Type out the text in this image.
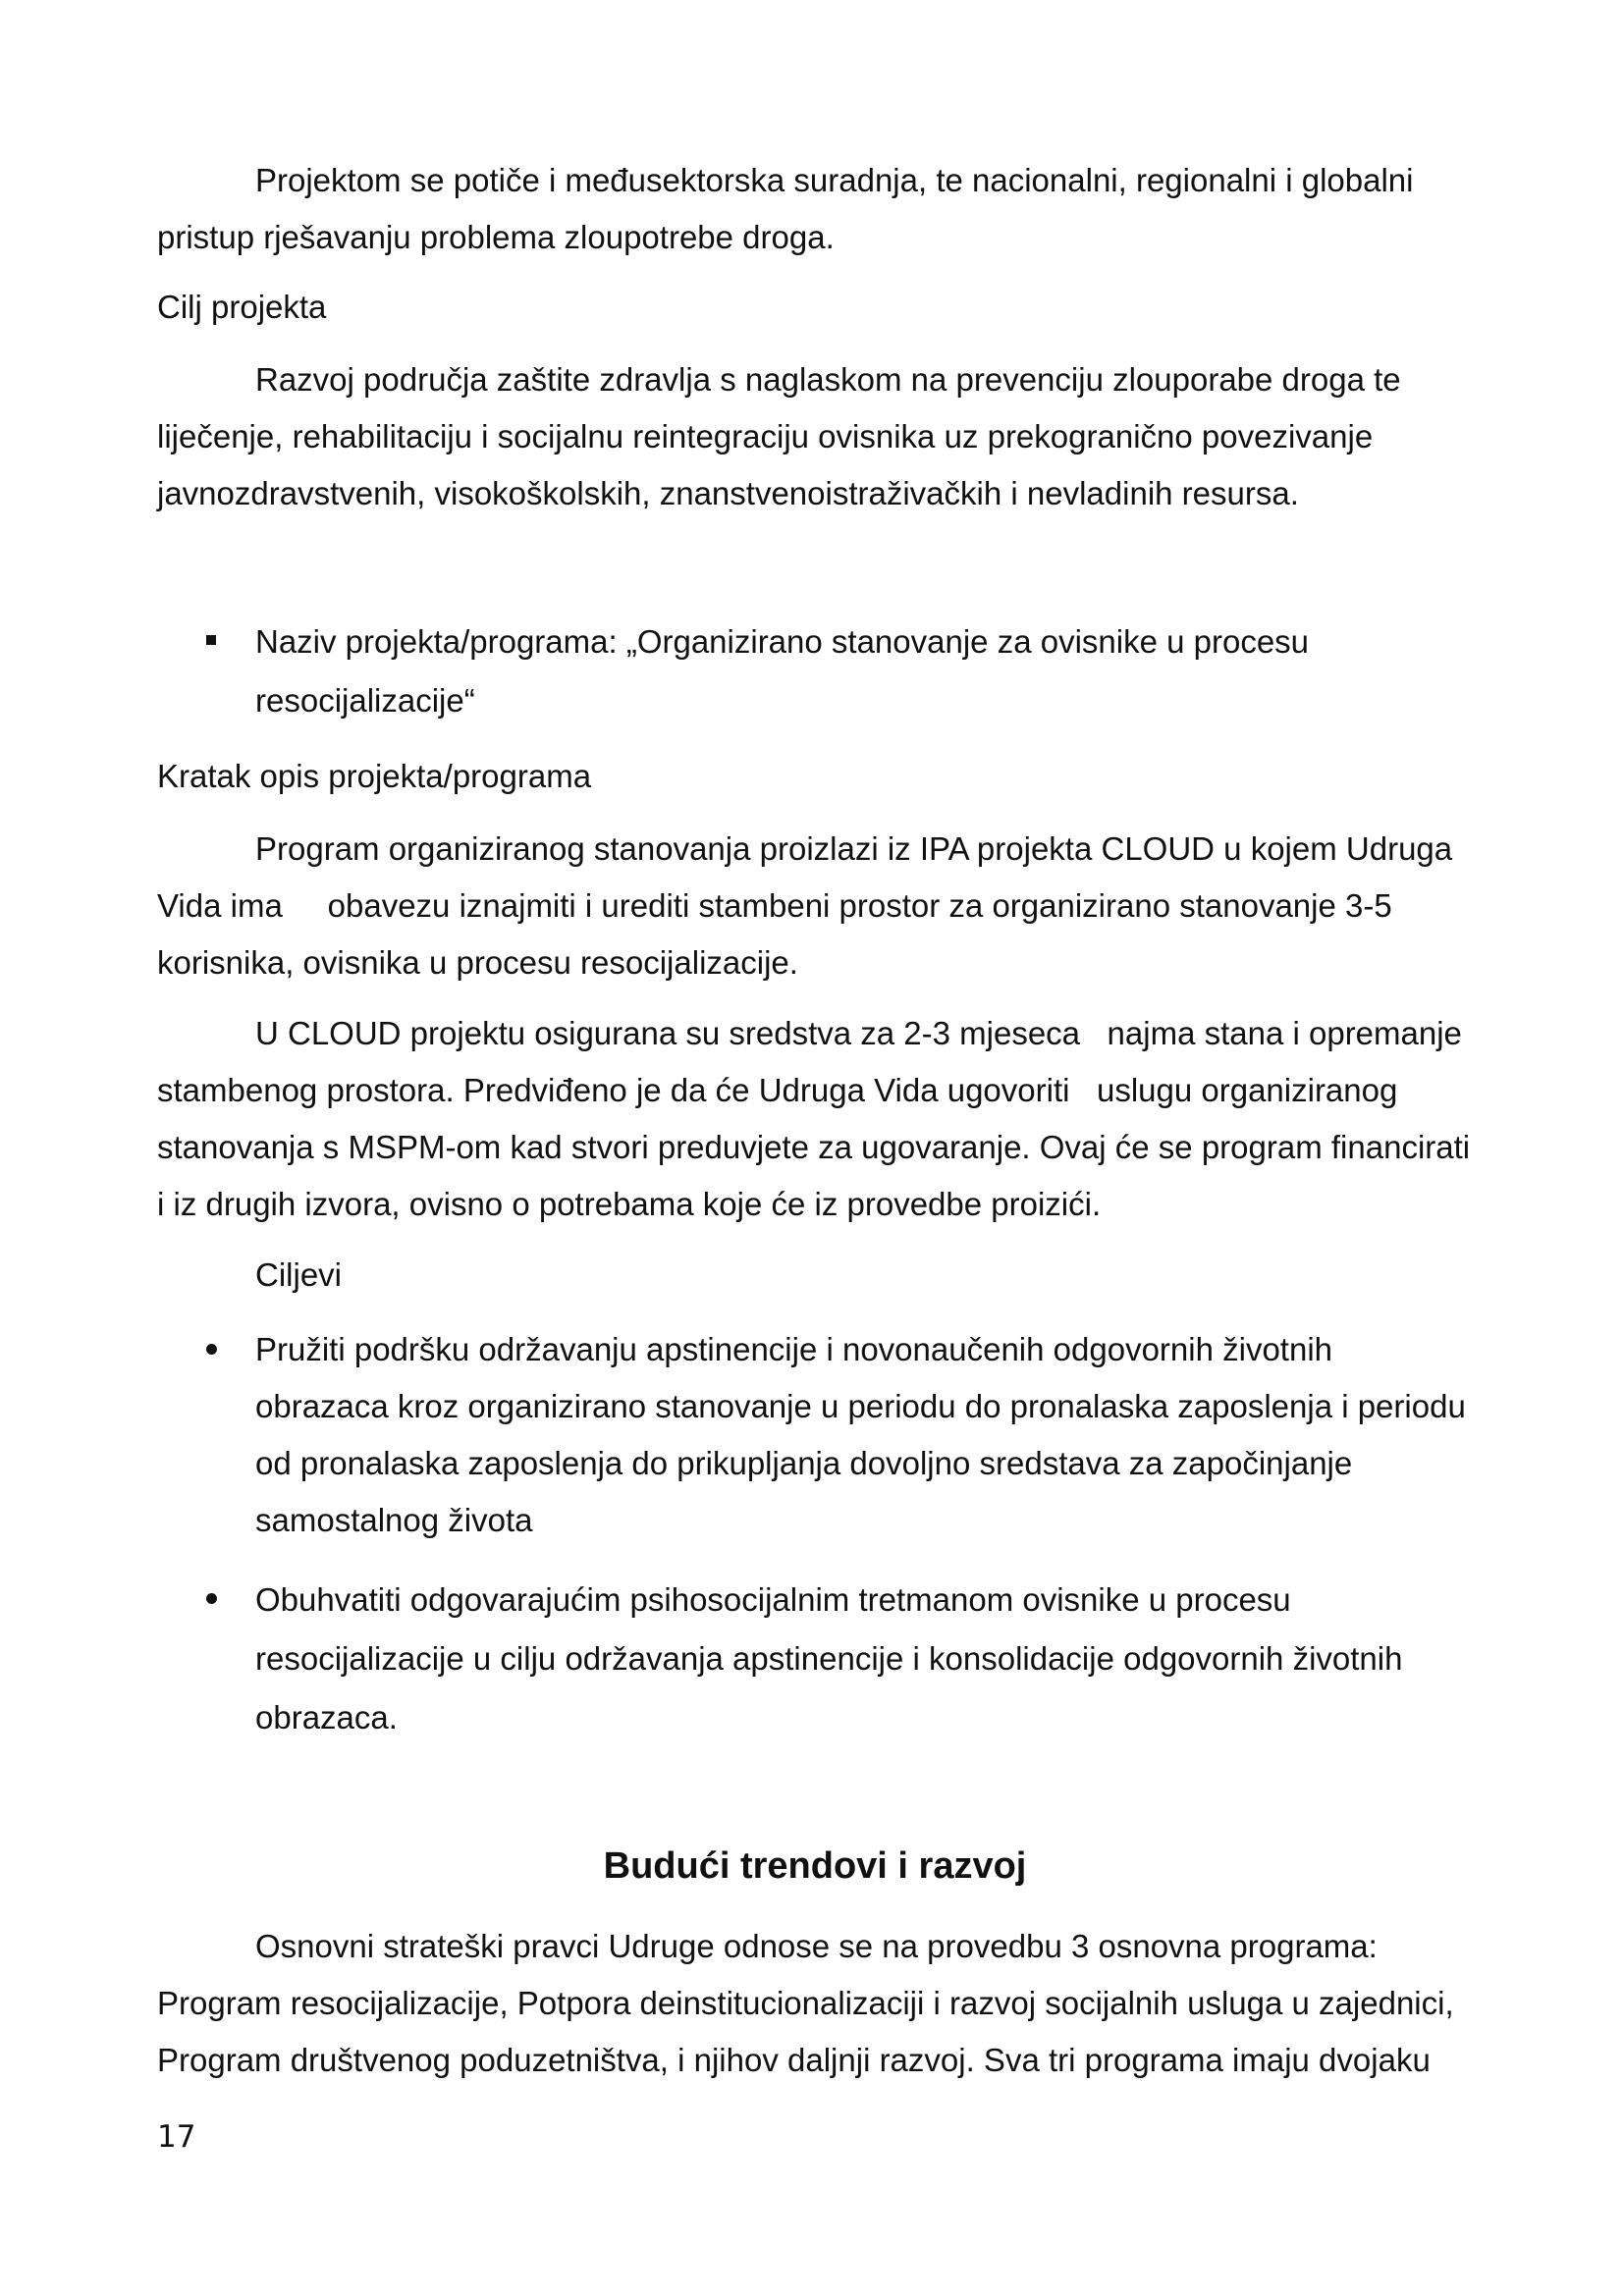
Projektom se potiče i međusektorska suradnja, te nacionalni, regionalni i globalni pristup rješavanju problema zloupotrebe droga.

Cilj projekta

Razvoj područja zaštite zdravlja s naglaskom na prevenciju zlouporabe droga te liječenje, rehabilitaciju i socijalnu reintegraciju ovisnika uz prekogranično povezivanje javnozdravstvenih, visokoškolskih, znanstvenoistraživačkih i nevladinih resursa.

Naziv projekta/programa: „Organizirano stanovanje za ovisnike u procesu resocijalizacije“

Kratak opis projekta/programa

Program organiziranog stanovanja proizlazi iz IPA projekta CLOUD u kojem Udruga Vida ima     obavezu iznajmiti i urediti stambeni prostor za organizirano stanovanje 3-5 korisnika, ovisnika u procesu resocijalizacije.

U CLOUD projektu osigurana su sredstva za 2-3 mjeseca   najma stana i opremanje stambenog prostora. Predviđeno je da će Udruga Vida ugovoriti   uslugu organiziranog stanovanja s MSPM-om kad stvori preduvjete za ugovaranje. Ovaj će se program financirati i iz drugih izvora, ovisno o potrebama koje će iz provedbe proizići.

Ciljevi

Pružiti podršku održavanju apstinencije i novonaučenih odgovornih životnih obrazaca kroz organizirano stanovanje u periodu do pronalaska zaposlenja i periodu od pronalaska zaposlenja do prikupljanja dovoljno sredstava za započinjanje samostalnog života

Obuhvatiti odgovarajućim psihosocijalnim tretmanom ovisnike u procesu resocijalizacije u cilju održavanja apstinencije i konsolidacije odgovornih životnih obrazaca.

Budući trendovi i razvoj

Osnovni strateški pravci Udruge odnose se na provedbu 3 osnovna programa: Program resocijalizacije, Potpora deinstitucionalizaciji i razvoj socijalnih usluga u zajednici, Program društvenog poduzetništva, i njihov daljnji razvoj. Sva tri programa imaju dvojaku

17
